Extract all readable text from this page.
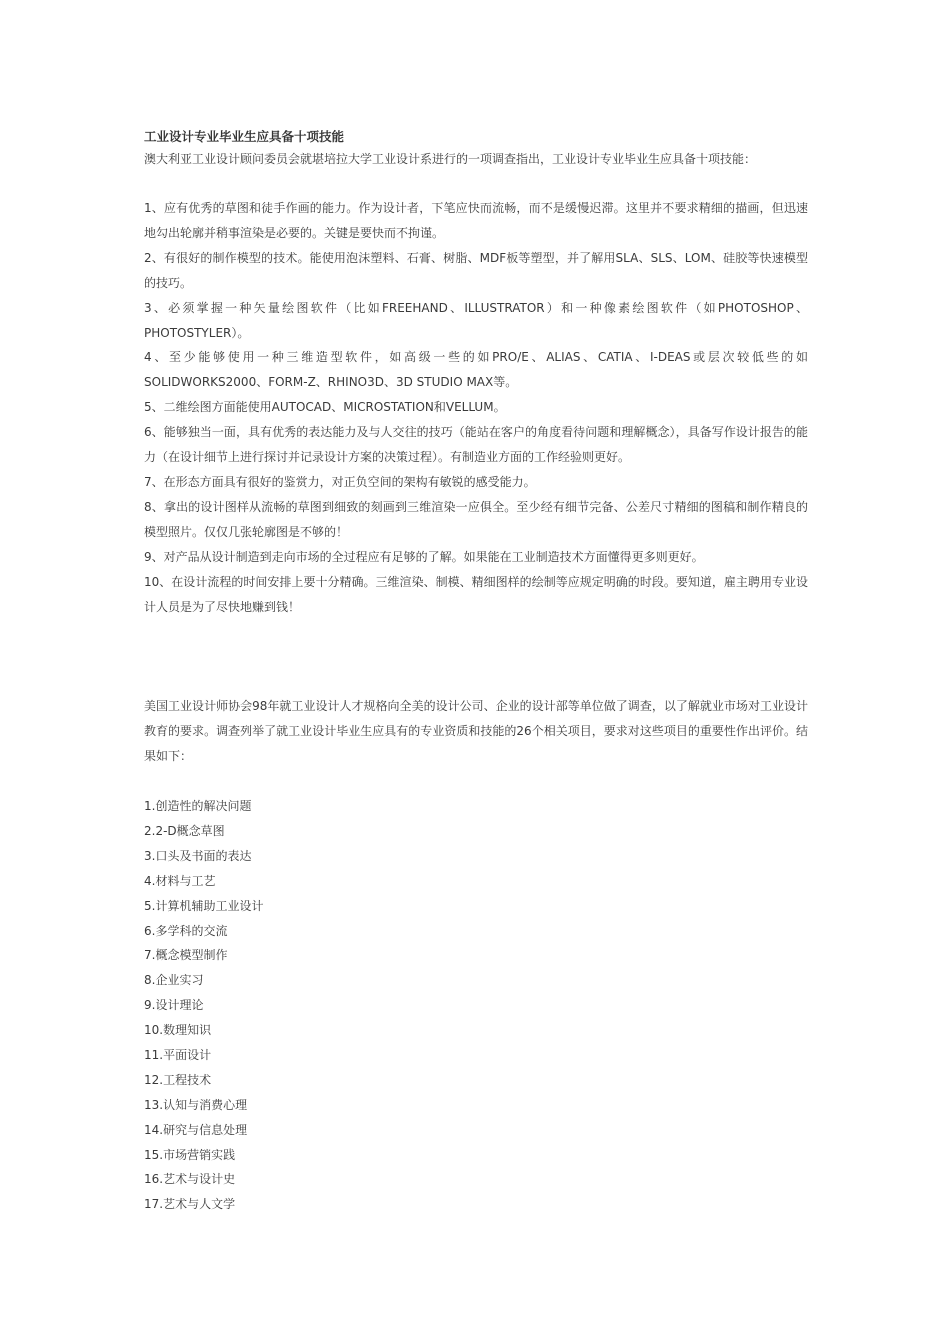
工业设计专业毕业生应具备十项技能

澳大利亚工业设计顾问委员会就堪培拉大学工业设计系进行的一项调查指出，工业设计专业毕业生应具备十项技能：

1、应有优秀的草图和徒手作画的能力。作为设计者，下笔应快而流畅，而不是缓慢迟滞。这里并不要求精细的描画，但迅速地勾出轮廓并稍事渲染是必要的。关键是要快而不拘谨。

2、有很好的制作模型的技术。能使用泡沫塑料、石膏、树脂、MDF板等塑型，并了解用SLA、SLS、LOM、硅胶等快速模型的技巧。

3、必须掌握一种矢量绘图软件（比如FREEHAND、ILLUSTRATOR）和一种像素绘图软件（如PHOTOSHOP、PHOTOSTYLER）。

4、至少能够使用一种三维造型软件，如高级一些的如PRO/E、ALIAS、CATIA、I-DEAS或层次较低些的如SOLIDWORKS2000、FORM-Z、RHINO3D、3D STUDIO MAX等。

5、二维绘图方面能使用AUTOCAD、MICROSTATION和VELLUM。

6、能够独当一面，具有优秀的表达能力及与人交往的技巧（能站在客户的角度看待问题和理解概念），具备写作设计报告的能力（在设计细节上进行探讨并记录设计方案的决策过程）。有制造业方面的工作经验则更好。

7、在形态方面具有很好的鉴赏力，对正负空间的架构有敏锐的感受能力。

8、拿出的设计图样从流畅的草图到细致的刻画到三维渲染一应俱全。至少经有细节完备、公差尺寸精细的图稿和制作精良的模型照片。仅仅几张轮廓图是不够的！

9、对产品从设计制造到走向市场的全过程应有足够的了解。如果能在工业制造技术方面懂得更多则更好。

10、在设计流程的时间安排上要十分精确。三维渲染、制模、精细图样的绘制等应规定明确的时段。要知道，雇主聘用专业设计人员是为了尽快地赚到钱！

美国工业设计师协会98年就工业设计人才规格向全美的设计公司、企业的设计部等单位做了调查，以了解就业市场对工业设计教育的要求。调查列举了就工业设计毕业生应具有的专业资质和技能的26个相关项目，要求对这些项目的重要性作出评价。结果如下：

1.创造性的解决问题
2.2-D概念草图
3.口头及书面的表达
4.材料与工艺
5.计算机辅助工业设计
6.多学科的交流
7.概念模型制作
8.企业实习
9.设计理论
10.数理知识
11.平面设计
12.工程技术
13.认知与消费心理
14.研究与信息处理
15.市场营销实践
16.艺术与设计史
17.艺术与人文学
